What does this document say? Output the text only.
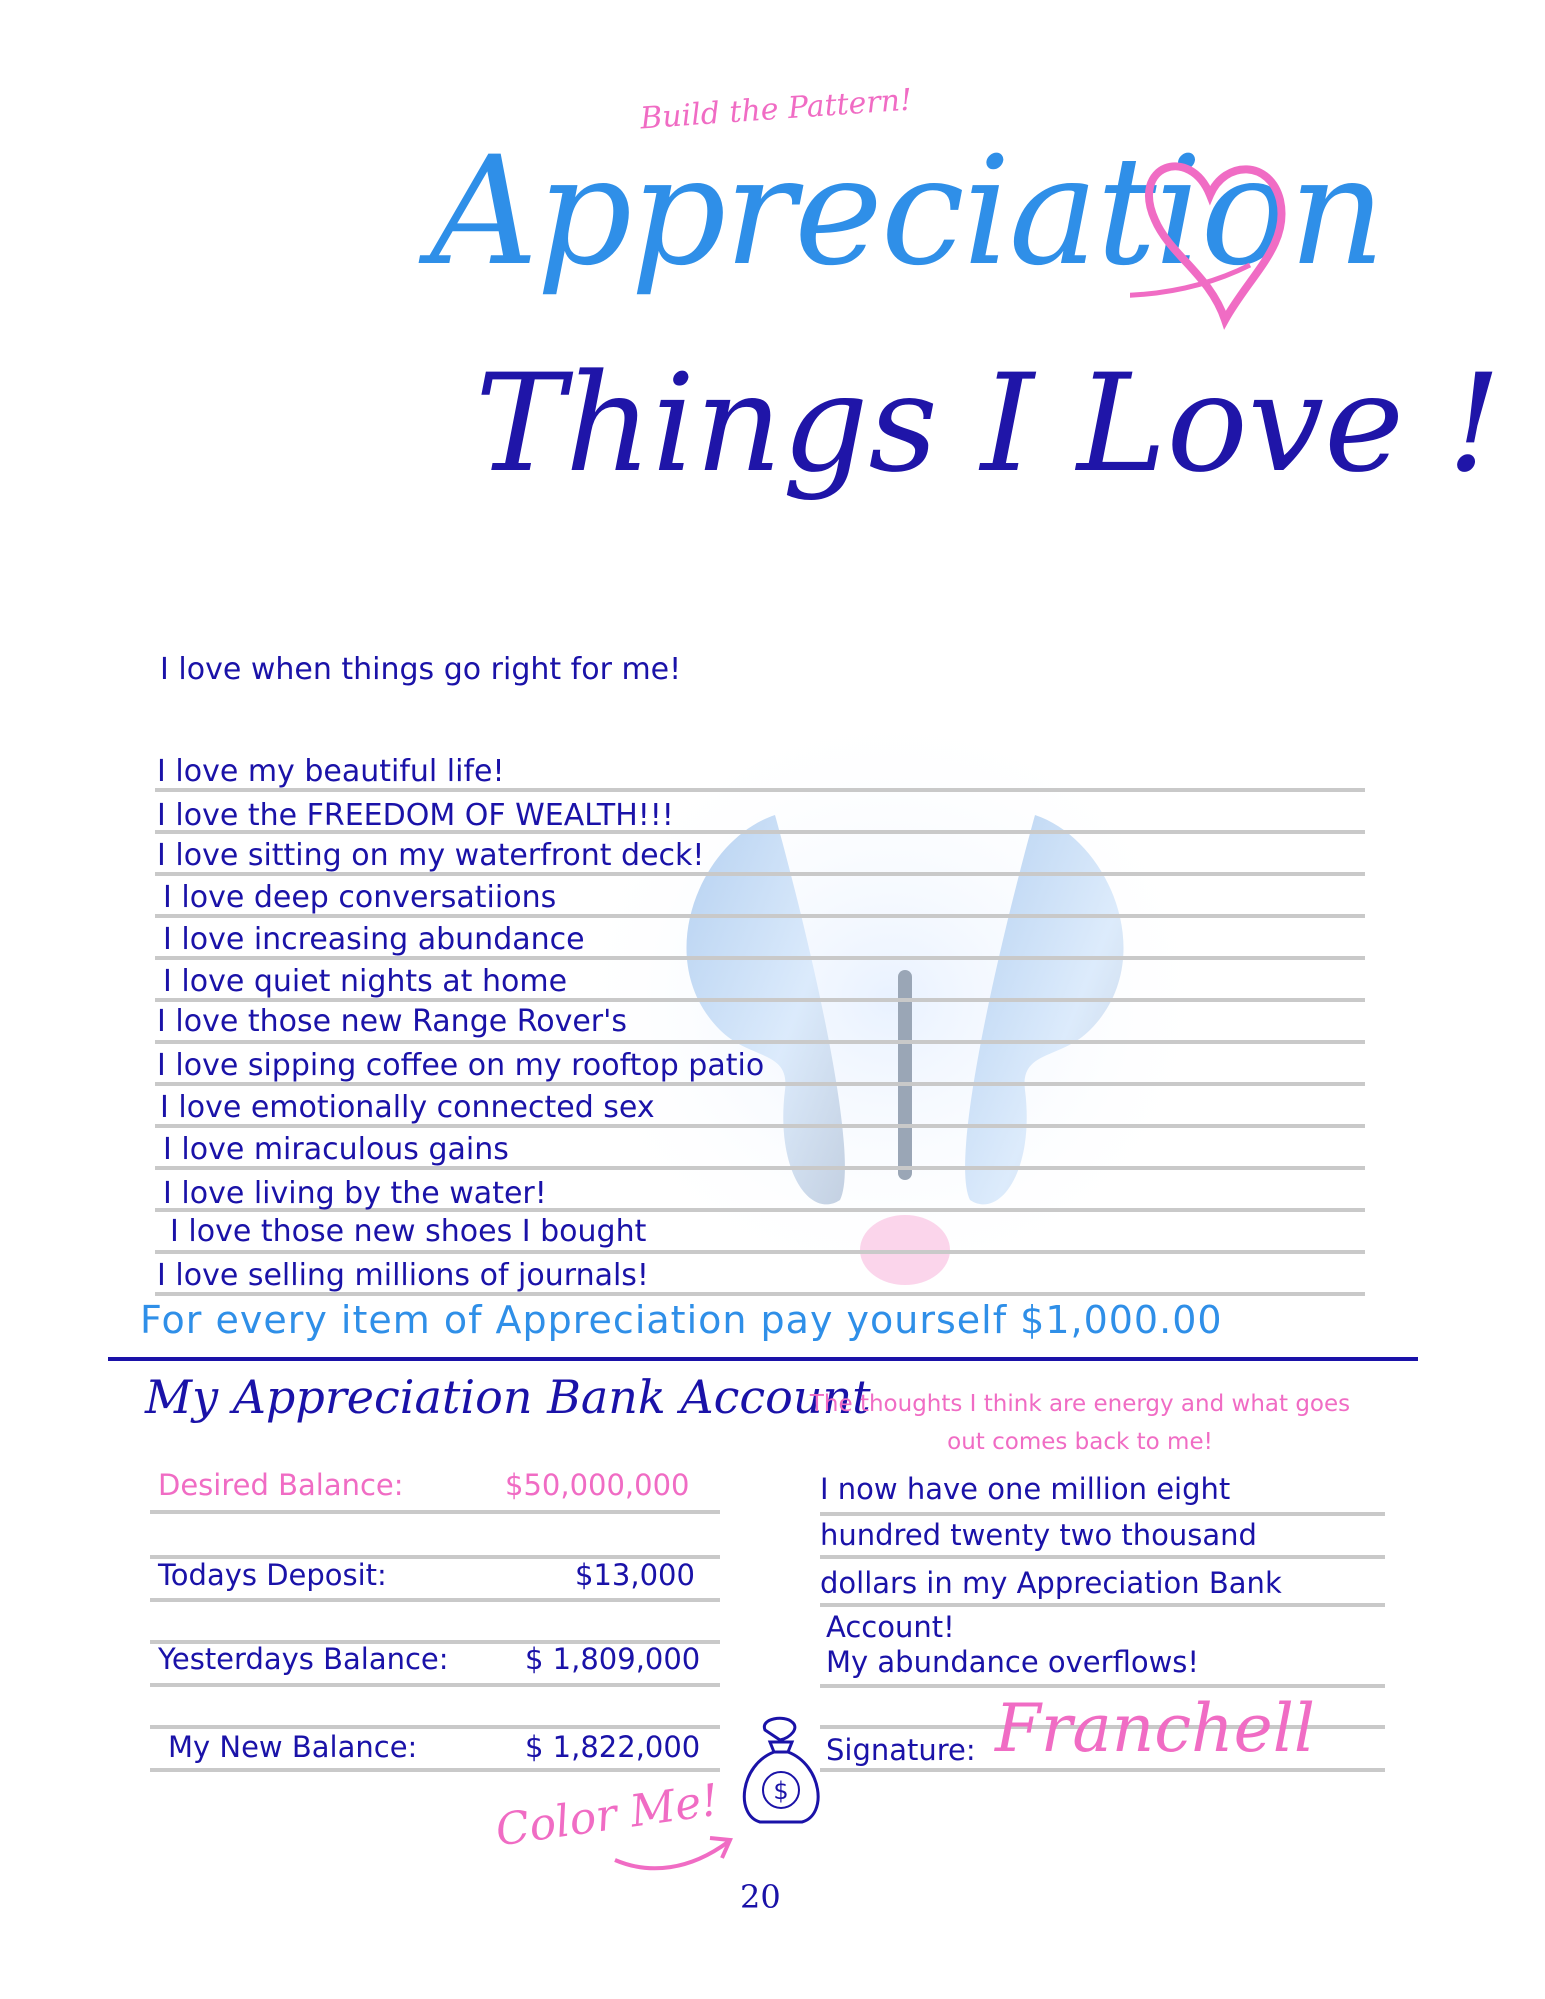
Build the Pattern!
Appreciation
Things I Love !
I love when things go right for me!
I love my beautiful life!
I love the FREEDOM OF WEALTH!!!
I love sitting on my waterfront deck!
I love deep conversatiions
I love increasing abundance
I love quiet nights at home
I love those new Range Rover's
I love sipping coffee on my rooftop patio
I love emotionally connected sex
I love miraculous gains
I love living by the water!
I love those new shoes I bought
I love selling millions of journals!
For every item of Appreciation pay yourself $1,000.00
My Appreciation Bank Account
Desired Balance:	$50,000,000
Todays Deposit:	$13,000
Yesterdays Balance:	$ 1,809,000
My New Balance:	$ 1,822,000
The thoughts I think are energy and what goes out comes back to me!
I now have one million eight
hundred twenty two thousand
dollars in my Appreciation Bank
Account!
My abundance overflows!
Signature: Franchell
$
Color Me!
20
